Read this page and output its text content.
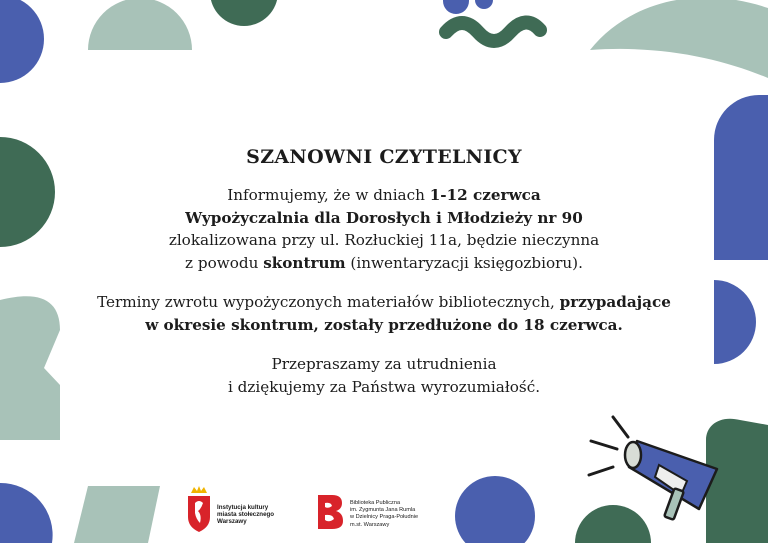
SZANOWNI CZYTELNICY

Informujemy, że w dniach 1-12 czerwca
Wypożyczalnia dla Dorosłych i Młodzieży nr 90
zlokalizowana przy ul. Rozłuckiej 11a, będzie nieczynna
z powodu skontrum (inwentaryzacji księgozbioru).

Terminy zwrotu wypożyczonych materiałów bibliotecznych, przypadające
w okresie skontrum, zostały przedłużone do 18 czerwca.

Przepraszamy za utrudnienia
i dziękujemy za Państwa wyrozumiałość.

Instytucja kultury
miasta stołecznego
Warszawy
Biblioteka Publiczna
im. Zygmunta Jana Rumla
w Dzielnicy Praga-Południe
m.st. Warszawy
